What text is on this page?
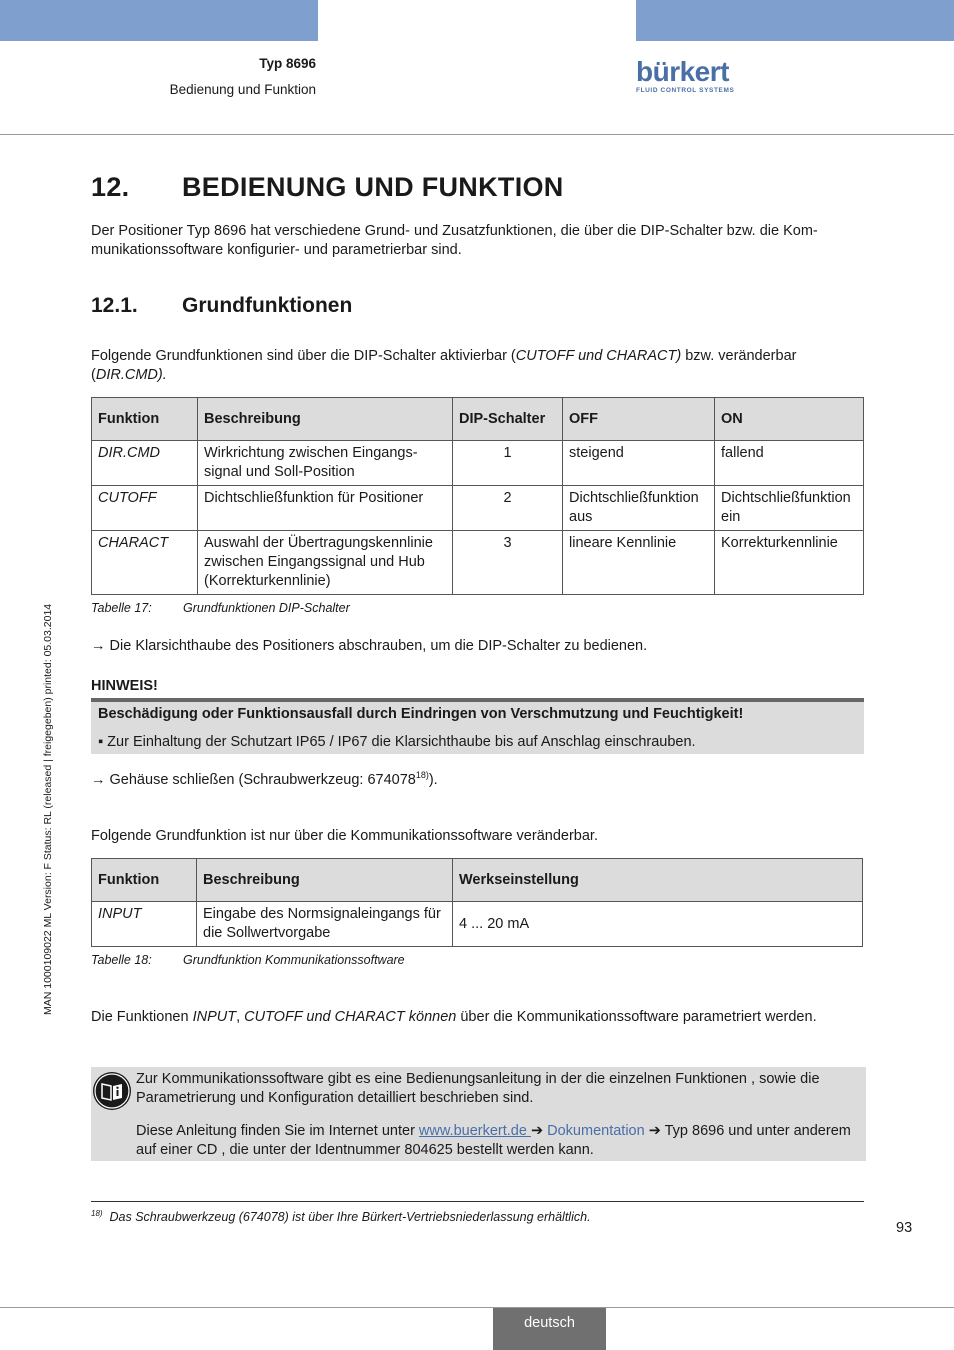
Typ 8696
Bedienung und Funktion
bürkert
FLUID CONTROL SYSTEMS
12. BEDIENUNG UND FUNKTION
Der Positioner Typ 8696 hat verschiedene Grund- und Zusatzfunktionen, die über die DIP-Schalter bzw. die Kom-munikationssoftware konfigurier- und parametrierbar sind.
12.1. Grundfunktionen
Folgende Grundfunktionen sind über die DIP-Schalter aktivierbar (CUTOFF und CHARACT) bzw. veränderbar (DIR.CMD).
Funktion	Beschreibung	DIP-Schalter	OFF	ON
DIR.CMD	Wirkrichtung zwischen Eingangs-signal und Soll-Position	1	steigend	fallend
CUTOFF	Dichtschließfunktion für Positioner	2	Dichtschließfunktion aus	Dichtschließfunktion ein
CHARACT	Auswahl der Übertragungskennlinie zwischen Eingangssignal und Hub (Korrekturkennlinie)	3	lineare Kennlinie	Korrekturkennlinie
Tabelle 17:	Grundfunktionen DIP-Schalter
→ Die Klarsichthaube des Positioners abschrauben, um die DIP-Schalter zu bedienen.
HINWEIS!
Beschädigung oder Funktionsausfall durch Eindringen von Verschmutzung und Feuchtigkeit!
▪ Zur Einhaltung der Schutzart IP65 / IP67 die Klarsichthaube bis auf Anschlag einschrauben.
→ Gehäuse schließen (Schraubwerkzeug: 674078$^{18)}$).
Folgende Grundfunktion ist nur über die Kommunikationssoftware veränderbar.
Funktion	Beschreibung	Werkseinstellung
INPUT	Eingabe des Normsignaleingangs für die Sollwertvorgabe	4 ... 20 mA
Tabelle 18:	Grundfunktion Kommunikationssoftware
Die Funktionen INPUT, CUTOFF und CHARACT können über die Kommunikationssoftware parametriert werden.
Zur Kommunikationssoftware gibt es eine Bedienungsanleitung in der die einzelnen Funktionen , sowie die Parametrierung und Konfiguration detailliert beschrieben sind.
Diese Anleitung finden Sie im Internet unter www.buerkert.de ➔ Dokumentation ➔ Typ 8696 und unter anderem auf einer CD , die unter der Identnummer 804625 bestellt werden kann.
$^{18)}$ Das Schraubwerkzeug (674078) ist über Ihre Bürkert-Vertriebsniederlassung erhältlich.
93
deutsch
MAN 1000109022 ML Version: F Status: RL (released | freigegeben) printed: 05.03.2014
